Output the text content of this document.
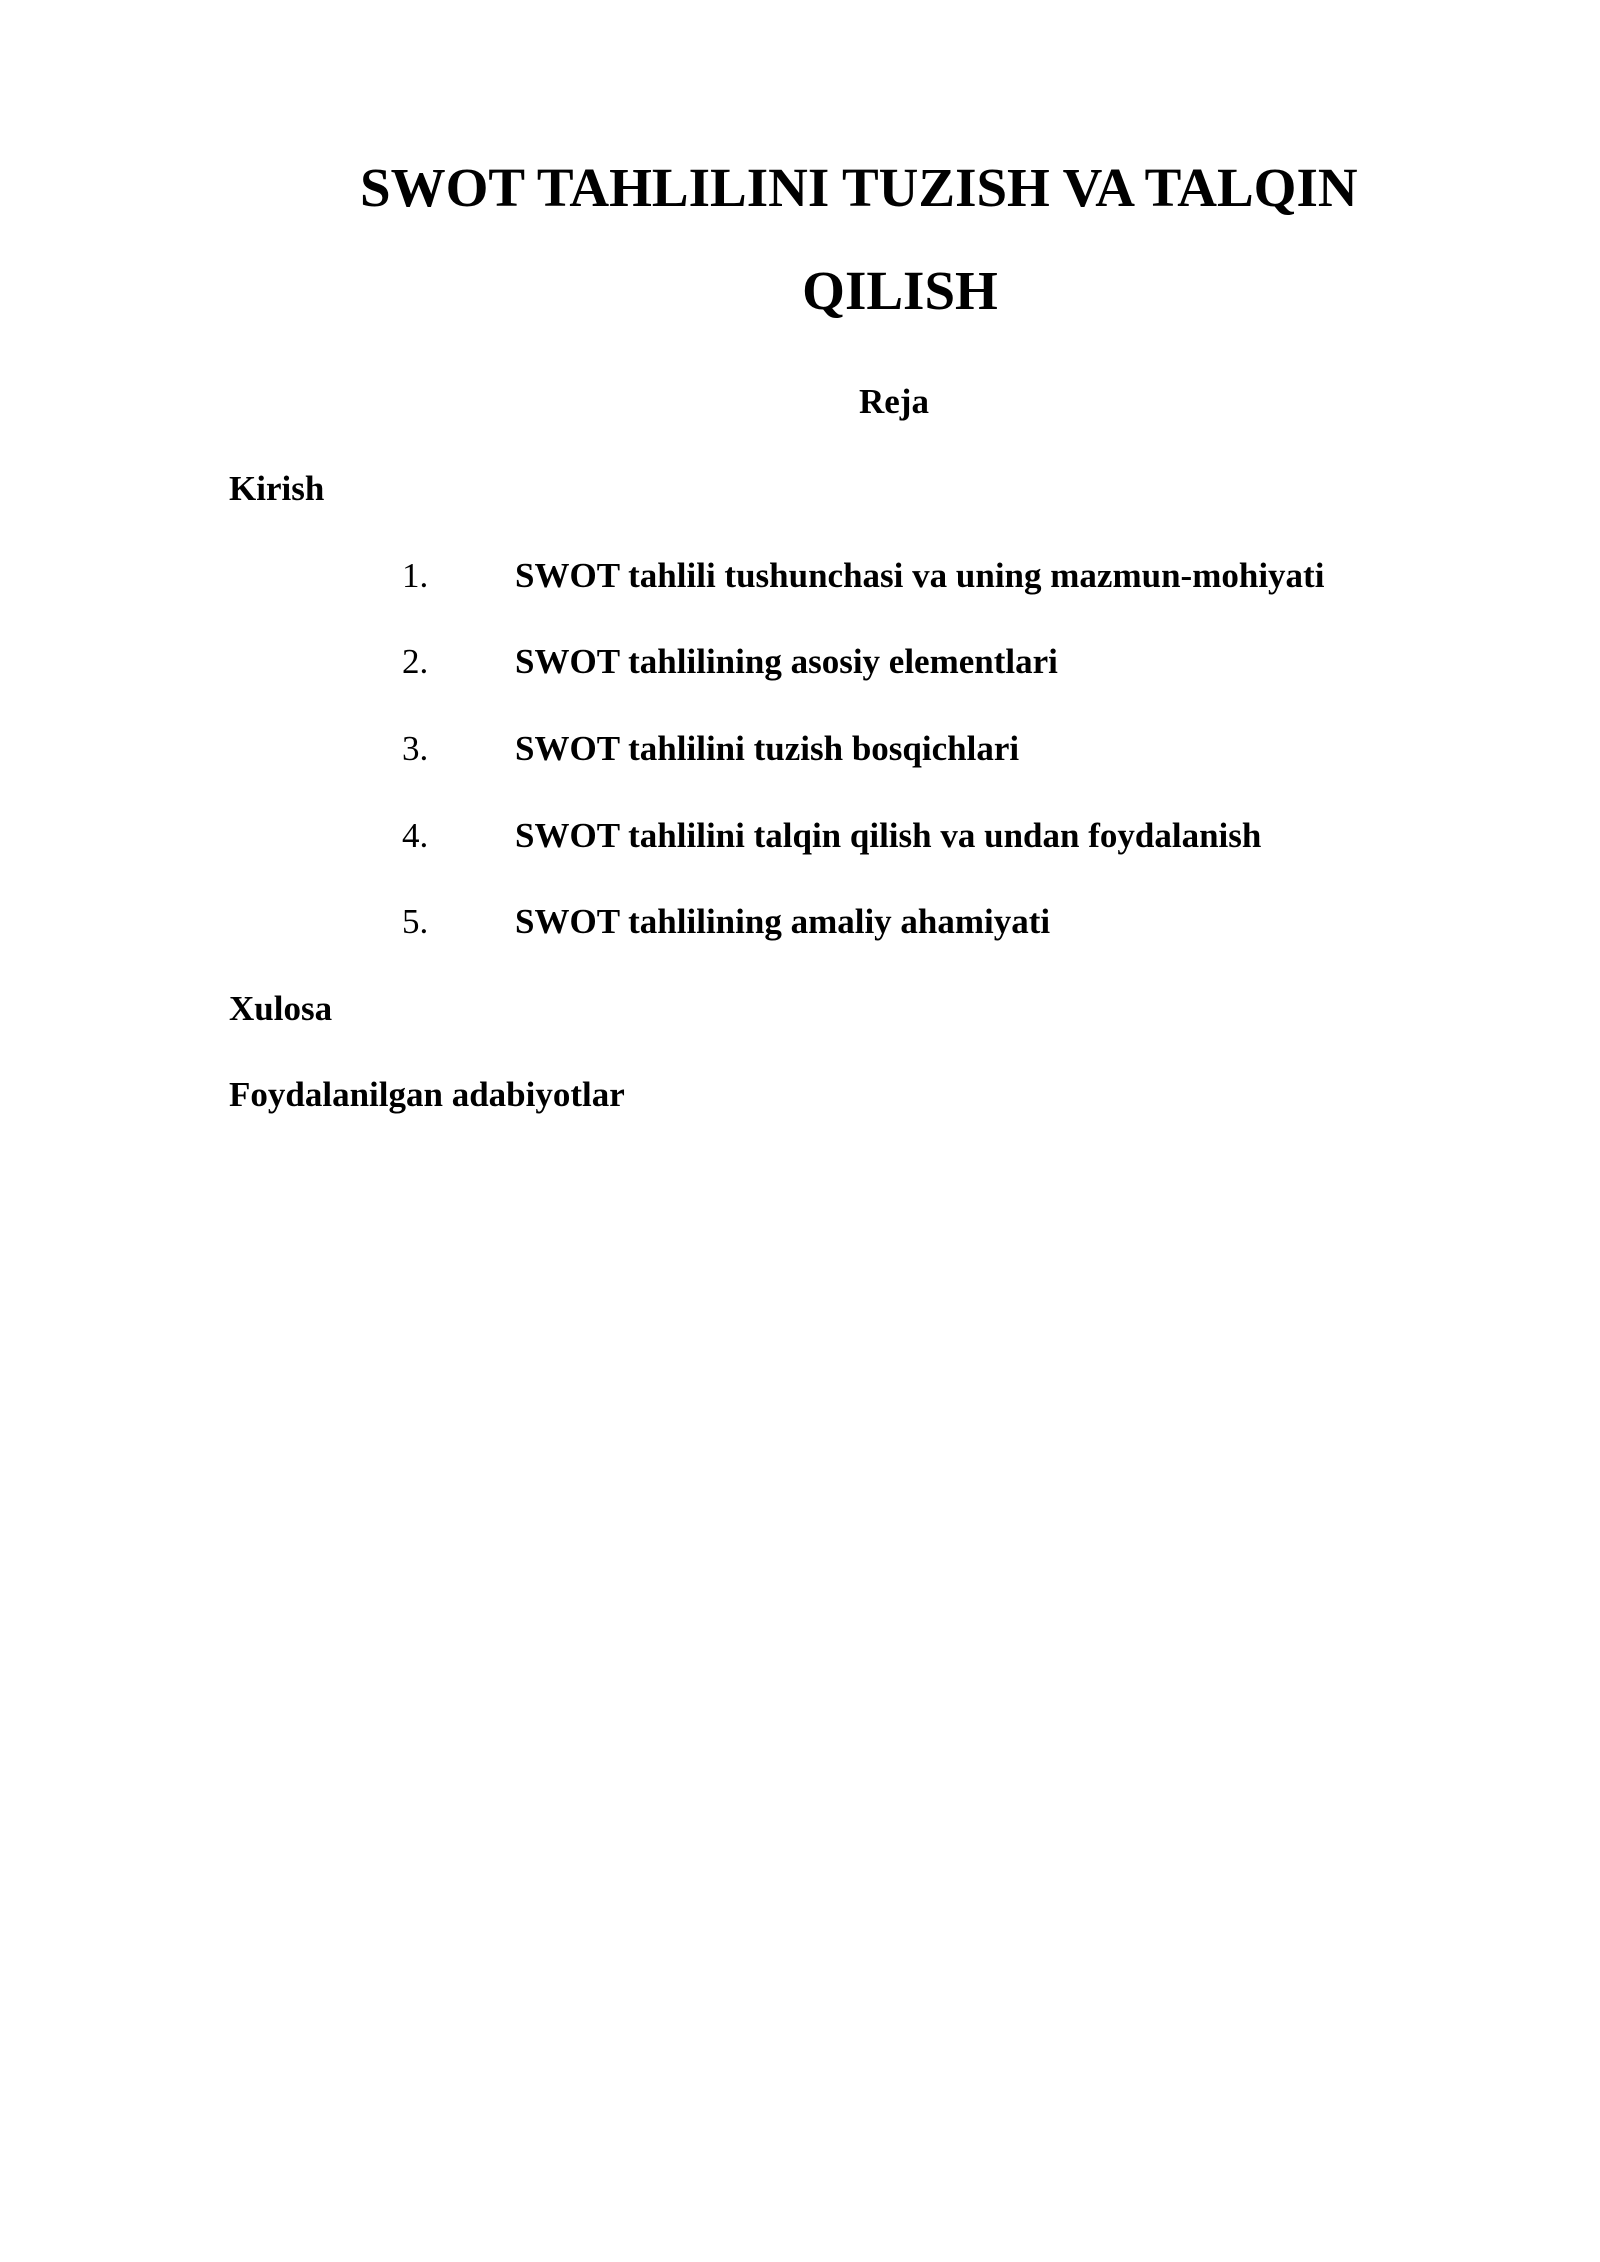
SWOT TAHLILINI TUZISH VA TALQIN
QILISH
Reja
Kirish
1. SWOT tahlili tushunchasi va uning mazmun-mohiyati
2. SWOT tahlilining asosiy elementlari
3. SWOT tahlilini tuzish bosqichlari
4. SWOT tahlilini talqin qilish va undan foydalanish
5. SWOT tahlilining amaliy ahamiyati
Xulosa
Foydalanilgan adabiyotlar
